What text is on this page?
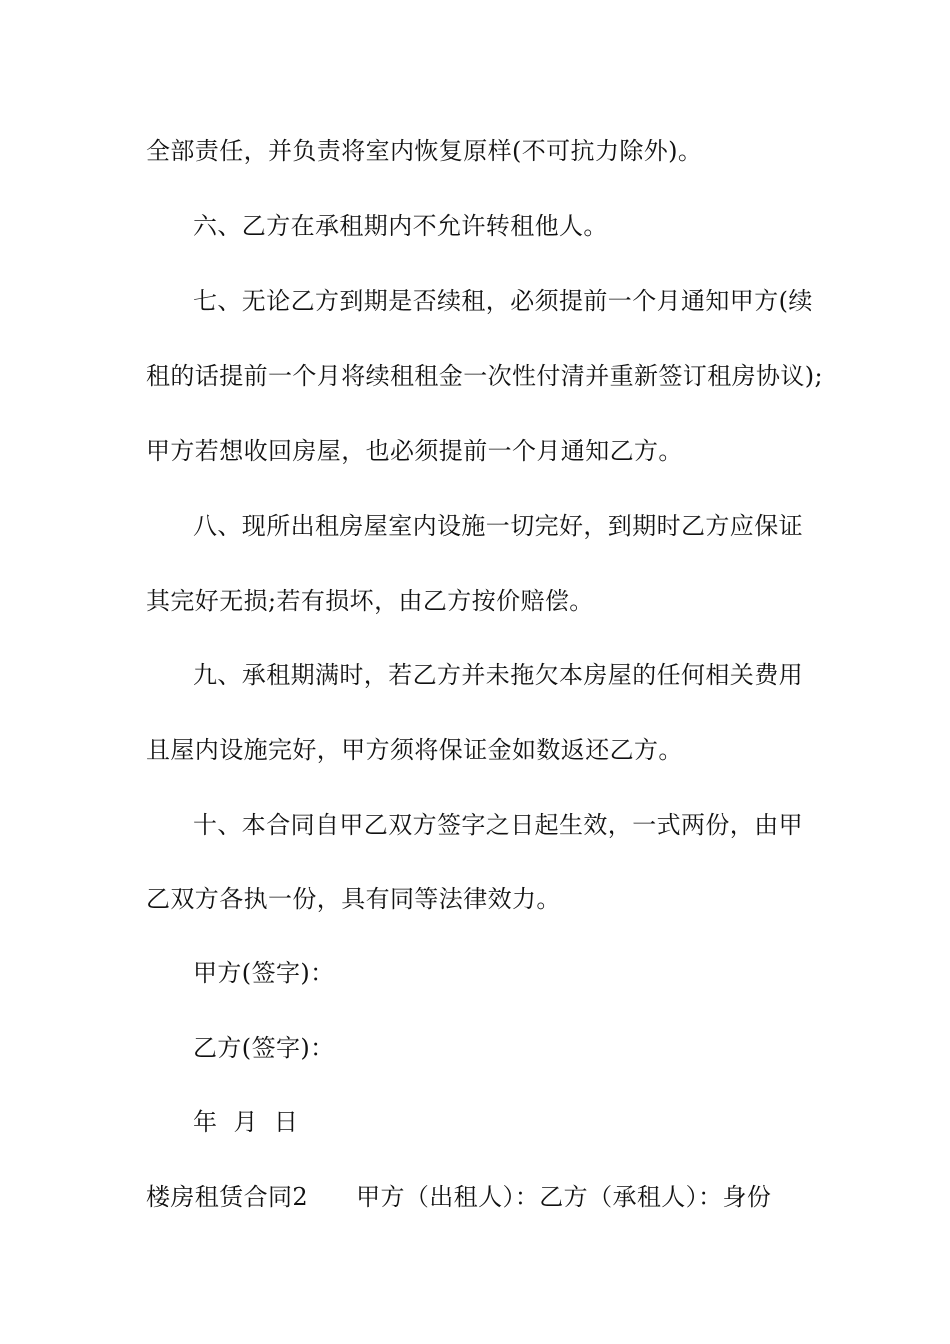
全部责任，并负责将室内恢复原样(不可抗力除外)。
六、乙方在承租期内不允许转租他人。
七、无论乙方到期是否续租，必须提前一个月通知甲方(续
租的话提前一个月将续租租金一次性付清并重新签订租房协议);
甲方若想收回房屋，也必须提前一个月通知乙方。
八、现所出租房屋室内设施一切完好，到期时乙方应保证
其完好无损;若有损坏，由乙方按价赔偿。
九、承租期满时，若乙方并未拖欠本房屋的任何相关费用
且屋内设施完好，甲方须将保证金如数返还乙方。
十、本合同自甲乙双方签字之日起生效，一式两份，由甲
乙双方各执一份，具有同等法律效力。
甲方(签字)：
乙方(签字)：
年  月  日
楼房租赁合同2 甲方（出租人）：乙方（承租人）：身份
